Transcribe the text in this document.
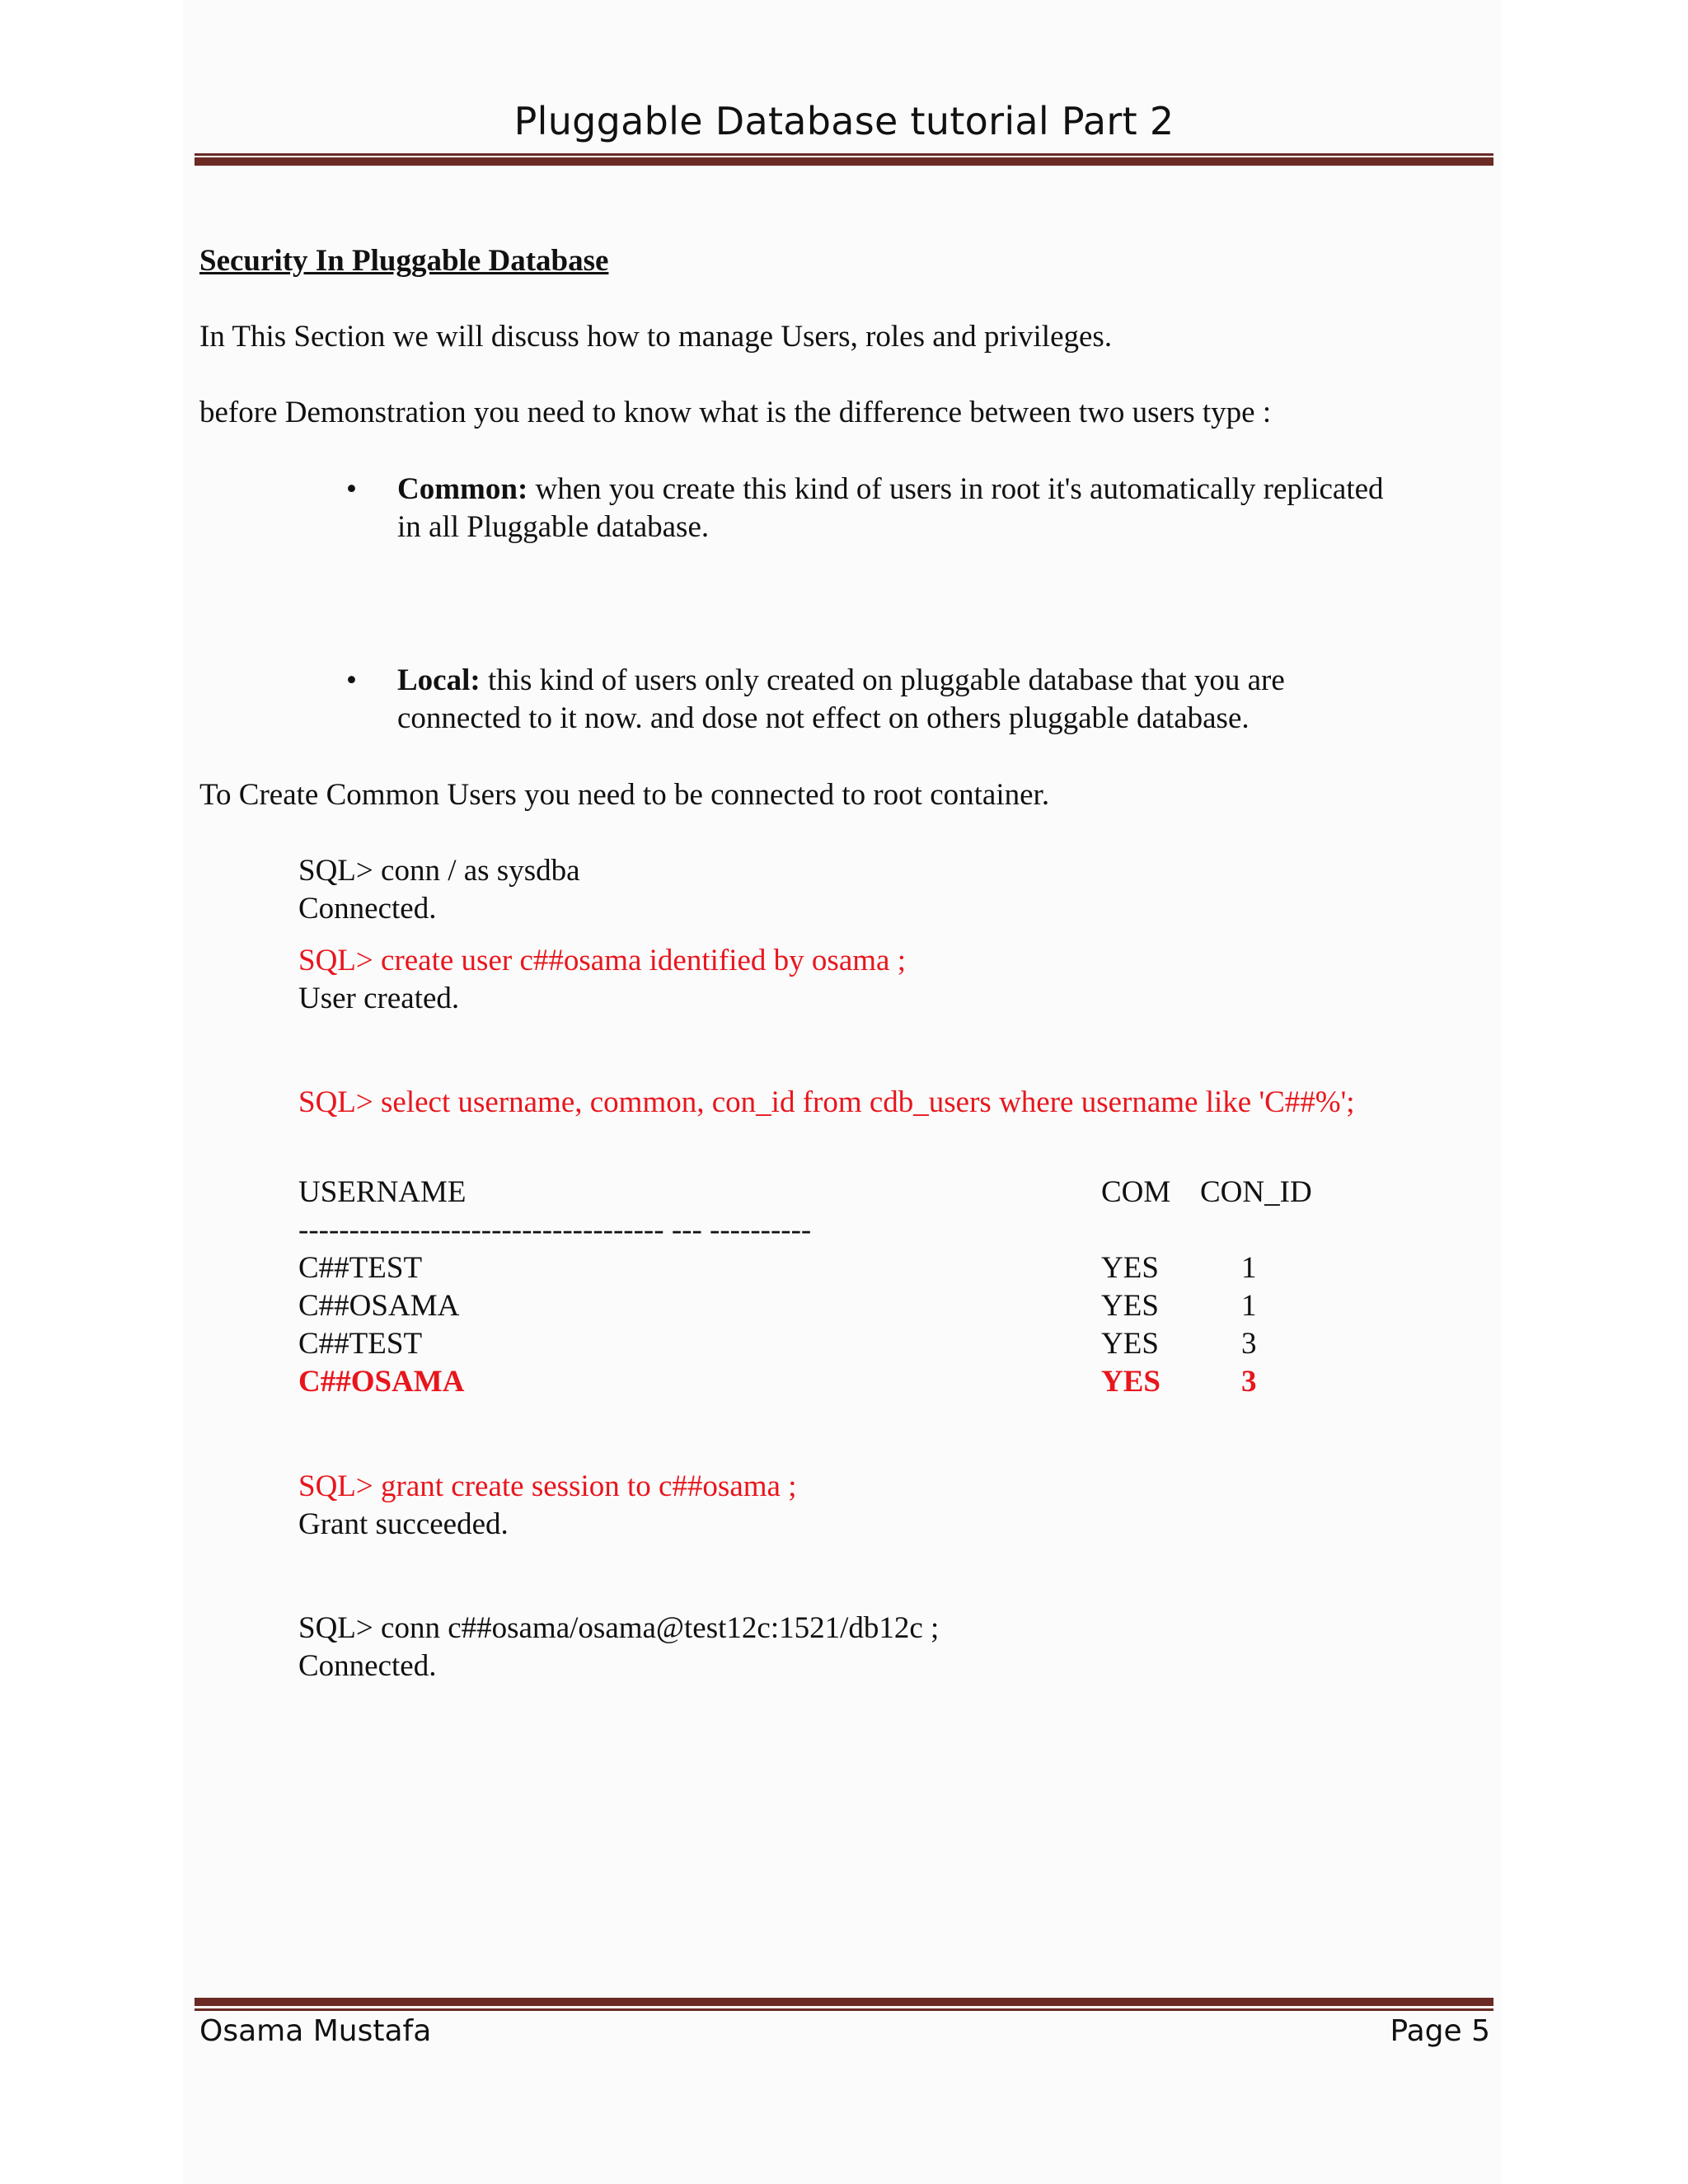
Pluggable Database tutorial Part 2
Security In Pluggable Database
In This Section we will discuss how to manage Users, roles and privileges.
before Demonstration you need to know what is the difference between two users type :
• Common: when you create this kind of users in root it's automatically replicated
in all Pluggable database.
• Local: this kind of users only created on pluggable database that you are
connected to it now. and dose not effect on others pluggable database.
To Create Common Users you need to be connected to root container.
SQL> conn / as sysdba
Connected.
SQL> create user c##osama identified by osama ;
User created.
SQL> select username, common, con_id from cdb_users where username like 'C##%';
USERNAME	COM CON_ID
------------------------------------ --- ----------
C##TEST	YES	1
C##OSAMA	YES	1
C##TEST	YES	3
C##OSAMA	YES	3
SQL> grant create session to c##osama ;
Grant succeeded.
SQL> conn c##osama/osama@test12c:1521/db12c ;
Connected.
Osama Mustafa	Page 5
